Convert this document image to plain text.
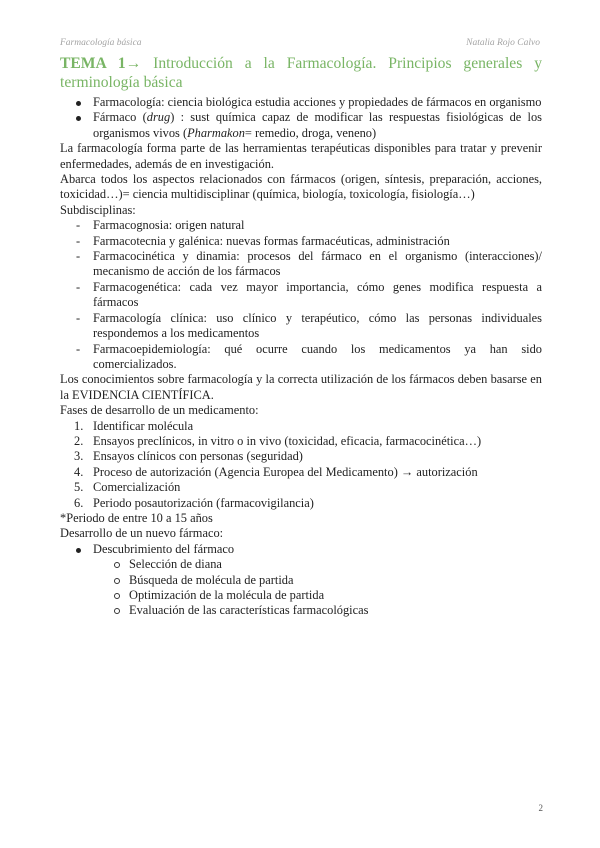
Farmacología básica	Natalia Rojo Calvo
TEMA 1→ Introducción a la Farmacología. Principios generales y terminología básica
Farmacología: ciencia biológica estudia acciones y propiedades de fármacos en organismo
Fármaco (drug) : sust química capaz de modificar las respuestas fisiológicas de los organismos vivos (Pharmakon= remedio, droga, veneno)

La farmacología forma parte de las herramientas terapéuticas disponibles para tratar y prevenir enfermedades, además de en investigación.

Abarca todos los aspectos relacionados con fármacos (origen, síntesis, preparación, acciones, toxicidad…)= ciencia multidisciplinar (química, biología, toxicología, fisiología…)

Subdisciplinas:

- Farmacognosia: origen natural
- Farmacotecnia y galénica: nuevas formas farmacéuticas, administración
- Farmacocinética y dinamia: procesos del fármaco en el organismo (interacciones)/ mecanismo de acción de los fármacos
- Farmacogenética: cada vez mayor importancia, cómo genes modifica respuesta a fármacos
- Farmacología clínica: uso clínico y terapéutico, cómo las personas individuales respondemos a los medicamentos
- Farmacoepidemiología: qué ocurre cuando los medicamentos ya han sido comercializados.

Los conocimientos sobre farmacología y la correcta utilización de los fármacos deben basarse en la EVIDENCIA CIENTÍFICA.

Fases de desarrollo de un medicamento:

1. Identificar molécula
2. Ensayos preclínicos, in vitro o in vivo (toxicidad, eficacia, farmacocinética…)
3. Ensayos clínicos con personas (seguridad)
4. Proceso de autorización (Agencia Europea del Medicamento) → autorización
5. Comercialización
6. Periodo posautorización (farmacovigilancia)

*Periodo de entre 10 a 15 años

Desarrollo de un nuevo fármaco:

Descubrimiento del fármaco
Selección de diana
Búsqueda de molécula de partida
Optimización de la molécula de partida
Evaluación de las características farmacológicas
2
